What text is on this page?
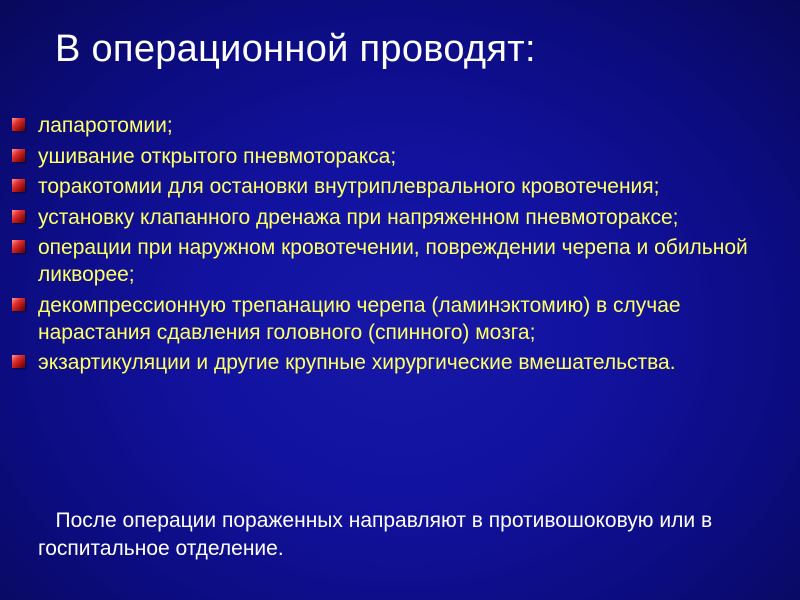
В операционной проводят:
лапаротомии;
ушивание открытого пневмоторакса;
торакотомии для остановки внутриплеврального кровотечения;
установку клапанного дренажа при напряженном пневмотораксе;
операции при наружном кровотечении, повреждении черепа и обильной ликворее;
декомпрессионную трепанацию черепа (ламинэктомию) в случае нарастания сдавления головного (спинного) мозга;
экзартикуляции и другие крупные хирургические вмешательства.

После операции пораженных направляют в противошоковую или в госпитальное отделение.
